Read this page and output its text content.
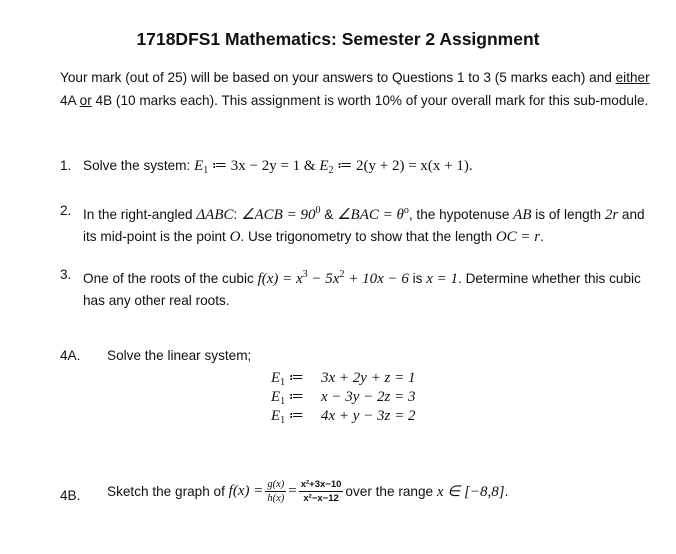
1718DFS1 Mathematics: Semester 2 Assignment
Your mark (out of 25) will be based on your answers to Questions 1 to 3 (5 marks each) and either 4A or 4B (10 marks each). This assignment is worth 10% of your overall mark for this sub-module.
1. Solve the system: $E_1$ ≔ 3x − 2y = 1 & $E_2$ ≔ 2(y + 2) = x(x + 1).
2. In the right-angled ΔABC: ∠ACB = $90^0$ & ∠BAC = $\theta^o$, the hypotenuse AB is of length 2r and its mid-point is the point O. Use trigonometry to show that the length OC = r.
3. One of the roots of the cubic $f(x) = x^3 - 5x^2 + 10x - 6$ is x = 1. Determine whether this cubic has any other real roots.
4A. Solve the linear system;
$E_1$ ≔ 3x + 2y + z = 1
$E_1$ ≔ x − 3y − 2z = 3
$E_1$ ≔ 4x + y − 3z = 2
4B. Sketch the graph of $f(x) = \frac{g(x)}{h(x)} = \frac{\text{x²+3x−10}}{\text{x²−x−12}}$ over the range x ∈ [−8,8].
